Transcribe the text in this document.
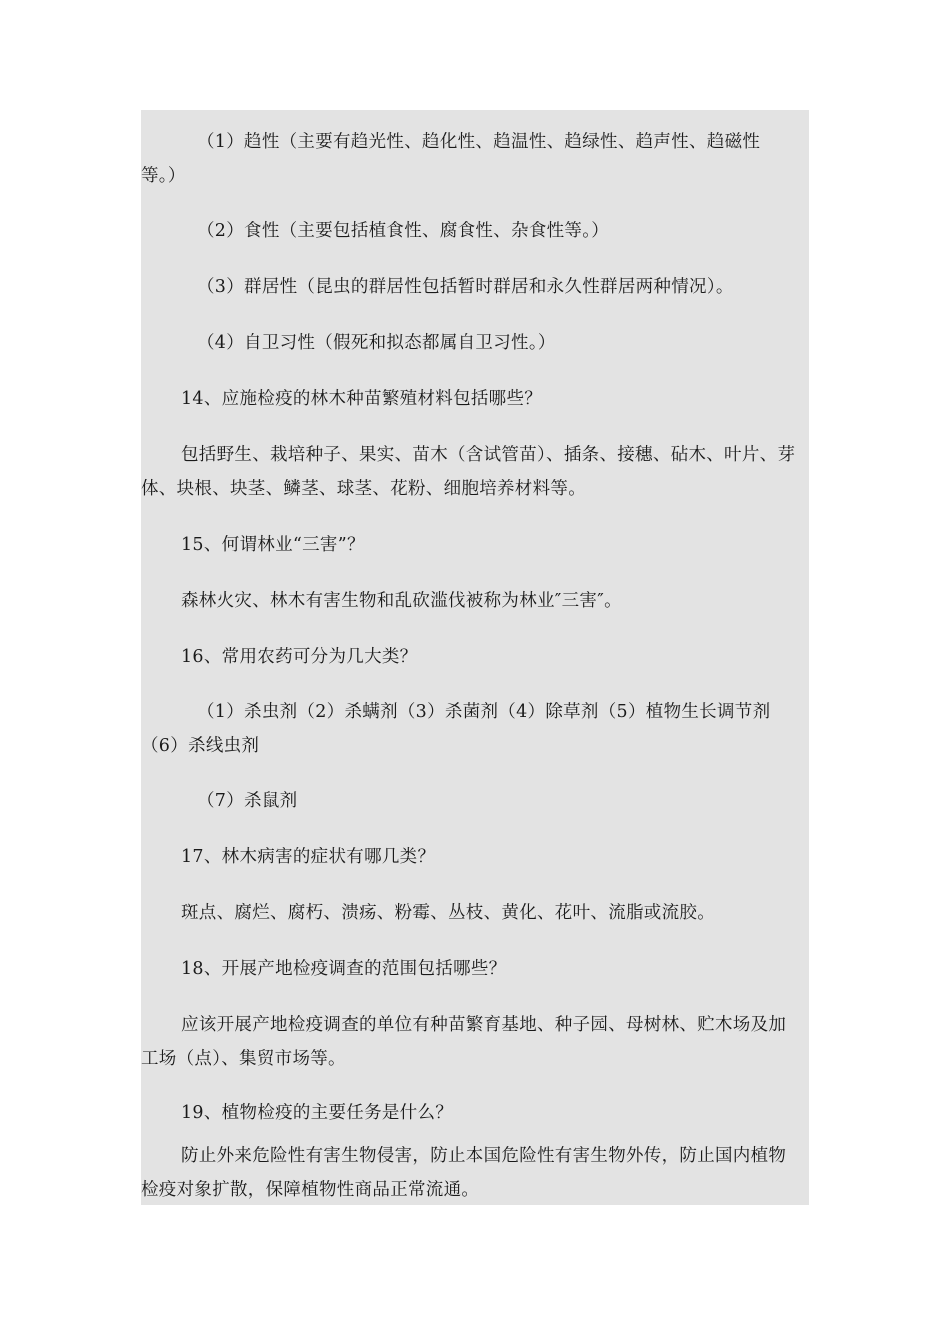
（1）趋性（主要有趋光性、趋化性、趋温性、趋绿性、趋声性、趋磁性等。）

（2）食性（主要包括植食性、腐食性、杂食性等。）

（3）群居性（昆虫的群居性包括暂时群居和永久性群居两种情况）。

（4）自卫习性（假死和拟态都属自卫习性。）

14、应施检疫的林木种苗繁殖材料包括哪些？

包括野生、栽培种子、果实、苗木（含试管苗）、插条、接穗、砧木、叶片、芽体、块根、块茎、鳞茎、球茎、花粉、细胞培养材料等。

15、何谓林业“三害”？

森林火灾、林木有害生物和乱砍滥伐被称为林业″三害″。

16、常用农药可分为几大类？

（1）杀虫剂（2）杀螨剂（3）杀菌剂（4）除草剂（5）植物生长调节剂（6）杀线虫剂

（7）杀鼠剂

17、林木病害的症状有哪几类？

斑点、腐烂、腐朽、溃疡、粉霉、丛枝、黄化、花叶、流脂或流胶。

18、开展产地检疫调查的范围包括哪些？

应该开展产地检疫调查的单位有种苗繁育基地、种子园、母树林、贮木场及加工场（点）、集贸市场等。

19、植物检疫的主要任务是什么？

防止外来危险性有害生物侵害，防止本国危险性有害生物外传，防止国内植物检疫对象扩散，保障植物性商品正常流通。
